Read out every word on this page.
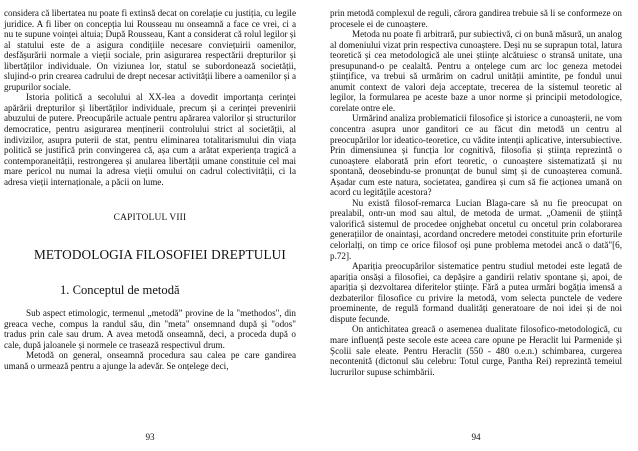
considera că libertatea nu poate fi extinsă decat on corelație cu justiția, cu legile juridice. A fi liber on concepția lui Rousseau nu onseamnă a face ce vrei, ci a nu te supune voinței altuia; După Rousseau, Kant a considerat că rolul legilor și al statului este de a asigura condițiile necesare conviețuirii oamenilor, desfășurării normale a vieții sociale, prin asigurarea respectării drepturilor și libertăților individuale. On viziunea lor, statul se subordonează societății, slujind-o prin crearea cadrului de drept necesar activității libere a oamenilor și a grupurilor sociale.

Istoria politică a secolului al XX-lea a dovedit importanța cerinței apărării drepturilor și libertăților individuale, precum și a cerinței prevenirii abuzului de putere. Preocupările actuale pentru apărarea valorilor și structurilor democratice, pentru asigurarea menținerii controlului strict al societății, al indivizilor, asupra puterii de stat, pentru eliminarea totalitarismului din viața politică se justifică prin convingerea că, așa cum a arătat experiența tragică a contemporaneității, restrongerea și anularea libertății umane constituie cel mai mare pericol nu numai la adresa vieții omului on cadrul colectivității, ci la adresa vieții internaționale, a păcii on lume.

CAPITOLUL VIII
METODOLOGIA FILOSOFIEI DREPTULUI
1. Conceptul de metodă

Sub aspect etimologic, termenul „metodă” provine de la "methodos", din greaca veche, compus la randul său, din "meta" onsemnand după și "odos" tradus prin cale sau drum. A avea metodă onseamnă, deci, a proceda după o cale, după jaloanele și normele ce trasează respectivul drum.

Metodă on general, onseamnă procedura sau calea pe care gandirea umană o urmează pentru a ajunge la adevăr. Se onțelege deci,

93

prin metodă complexul de reguli, cărora gandirea trebuie să li se conformeze on procesele ei de cunoaștere.

Metoda nu poate fi arbitrară, pur subiectivă, ci on bună măsură, un analog al domeniului vizat prin respectiva cunoaștere. Deși nu se suprapun total, latura teoretică și cea metodologică ale unei științe alcătuiesc o stransă unitate, una presupunand-o pe cealaltă. Pentru a onțelege cum arc loc geneza metodei științifice, va trebui să urmărim on cadrul unității amintite, pe fondul unui anumit context de valori deja acceptate, trecerea de la sistemul teoretic al legilor, la formularea pe aceste baze a unor norme și principii metodologice, corelate ontre ele.

Urmărind analiza problematicii filosofice și istorice a cunoașterii, ne vom concentra asupra unor ganditori ce au făcut din metodă un centru al preocupărilor lor ideatico-teoretice, cu vădite intenții aplicative, intersubiective. Prin dimensiunea și funcția lor cognitivă, filosofia și știința reprezintă o cunoaștere elaborată prin efort teoretic, o cunoaștere sistematizată și nu spontană, deosebindu-se pronunțat de bunul simț și de cunoașterea comună. Așadar cum este natura, societatea, gandirea și cum să fie acționea umană on acord cu legitățile acestora?

Nu există filosof-remarca Lucian Blaga-care să nu fie preocupat on prealabil, ontr-un mod sau altul, de metoda de urmat. „Oamenii de știință valorifică sistemul de procedee onjghebat oncetul cu oncetul prin colaborarea generațiilor de onaintași, acordand oncredere metodei constituite prin eforturile celorlalți, on timp ce orice filosof oși pune problema metodei ancă o dată"[6, p.72].

Apariția preocupărilor sistematice pentru studiul metodei este legată de apariția onsăși a filosofiei, ca depășire a gandirii relativ spontane și, apoi, de apariția și dezvoltarea diferitelor științe. Fără a putea urmări bogăția imensă a dezbaterilor filosofice cu privire la metodă, vom selecta punctele de vedere proeminente, de regulă formand dualități generatoare de noi idei și de noi dispute fecunde.

On antichitatea greacă o asemenea dualitate filosofico-metodologică, cu mare influență peste secole este aceea care opune pe Heraclit lui Parmenide și Școlii sale eleate. Pentru Heraclit (550 - 480 o.e.n.) schimbarea, curgerea necontenită (dictonul său celebru: Totul curge, Pantha Rei) reprezintă temeiul lucrurilor supuse schimbării.

94
